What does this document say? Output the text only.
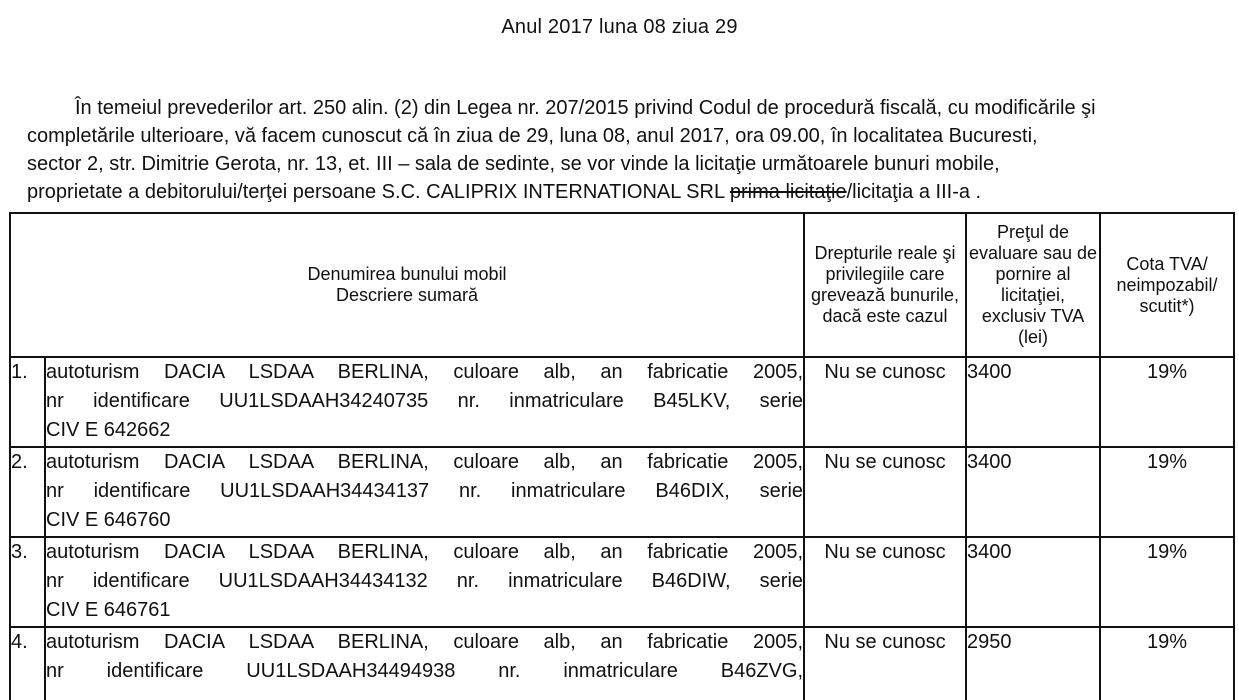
Anul 2017 luna 08 ziua 29
În temeiul prevederilor art. 250 alin. (2) din Legea nr. 207/2015 privind Codul de procedură fiscală, cu modificările şi
completările ulterioare, vă facem cunoscut că în ziua de 29, luna 08, anul 2017, ora 09.00, în localitatea Bucuresti,
sector 2, str. Dimitrie Gerota, nr. 13, et. III – sala de sedinte, se vor vinde la licitaţie următoarele bunuri mobile,
proprietate a debitorului/terţei persoane S.C. CALIPRIX INTERNATIONAL SRL prima licitaţie/licitaţia a III-a .
Denumirea bunului mobil
Descriere sumară		Drepturile reale şi privilegiile care grevează bunurile, dacă este cazul	Preţul de evaluare sau de pornire al licitaţiei, exclusiv TVA (lei)	Cota TVA/ neimpozabil/ scutit*)
1.	autoturism DACIA LSDAA BERLINA, culoare alb, an fabricatie 2005,
nr identificare UU1LSDAAH34240735 nr. inmatriculare B45LKV, serie
CIV E 642662	Nu se cunosc	3400	19%
2.	autoturism DACIA LSDAA BERLINA, culoare alb, an fabricatie 2005,
nr identificare UU1LSDAAH34434137 nr. inmatriculare B46DIX, serie
CIV E 646760	Nu se cunosc	3400	19%
3.	autoturism DACIA LSDAA BERLINA, culoare alb, an fabricatie 2005,
nr identificare UU1LSDAAH34434132 nr. inmatriculare B46DIW, serie
CIV E 646761	Nu se cunosc	3400	19%
4.	autoturism DACIA LSDAA BERLINA, culoare alb, an fabricatie 2005,
nr identificare UU1LSDAAH34494938 nr. inmatriculare B46ZVG,	Nu se cunosc	2950	19%
